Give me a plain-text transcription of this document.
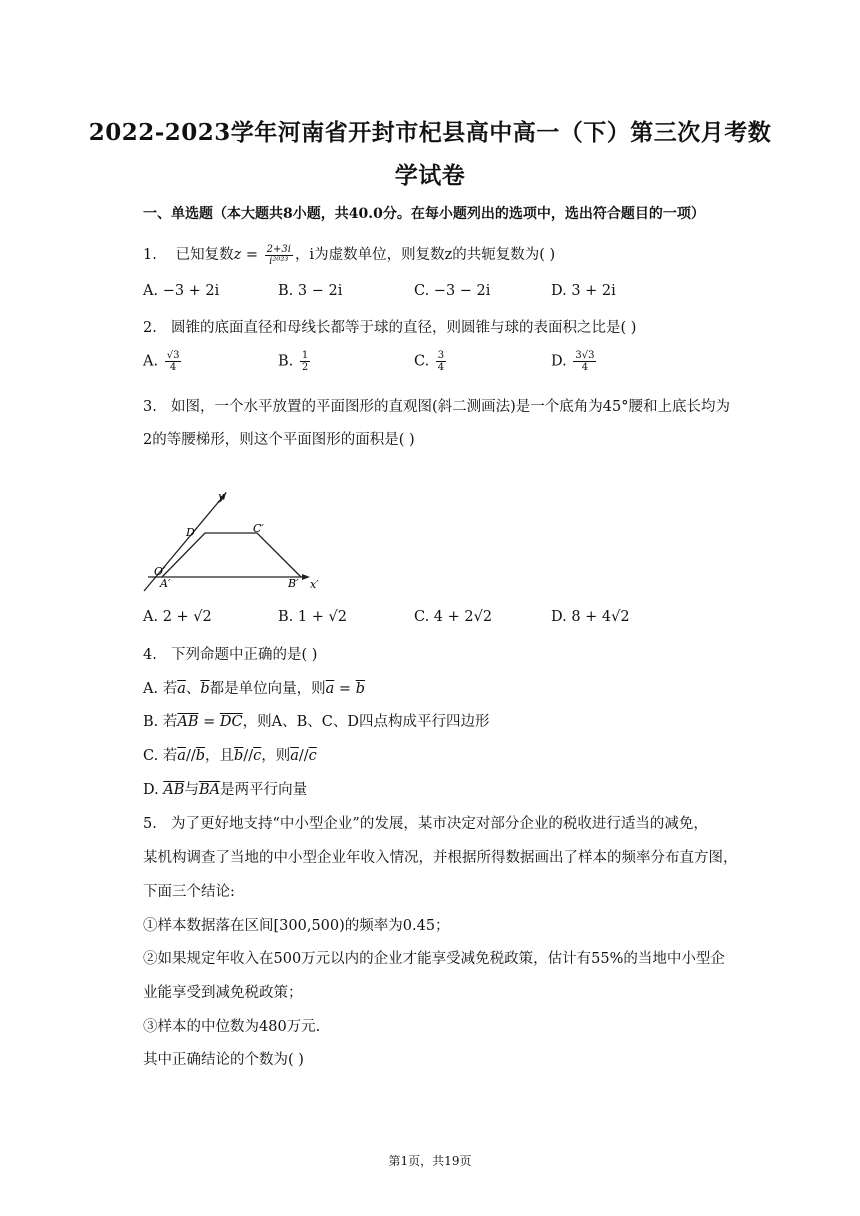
2022-2023学年河南省开封市杞县高中高一（下）第三次月考数
学试卷
一、单选题（本大题共8小题，共40.0分。在每小题列出的选项中，选出符合题目的一项）
1. 已知复数$z = \frac{2+3i}{\text{i²⁰²³}}$ ，i为虚数单位，则复数z的共轭复数为( )
A. −3 + 2i	B. 3 − 2i	C. −3 − 2i	D. 3 + 2i
2. 圆锥的底面直径和母线长都等于球的直径，则圆锥与球的表面积之比是( )
A. $\frac{√3}{4}$	B. $\frac{1}{2}$	C. $\frac{3}{4}$	D. $\frac{3√3}{4}$
3. 如图，一个水平放置的平面图形的直观图(斜二测画法)是一个底角为45°腰和上底长均为
2的等腰梯形，则这个平面图形的面积是( )
y′
D′	C′
O′
A′	B′ x′
A. 2 + √2	B. 1 + √2	C. 4 + 2√2	D. 8 + 4√2
4. 下列命题中正确的是( )
A. 若$\overline{a}$、$\overline{b}$都是单位向量，则$\overline{a} = \overline{b}$
B. 若$\overline{AB} = \overline{DC}$，则A、B、C、D四点构成平行四边形
C. 若$\overline{a}//\overline{b}$，且$\overline{b}//\overline{c}$，则$\overline{a}//\overline{c}$
D. $\overline{AB}$与$\overline{BA}$是两平行向量
5. 为了更好地支持“中小型企业”的发展，某市决定对部分企业的税收进行适当的减免，
某机构调查了当地的中小型企业年收入情况，并根据所得数据画出了样本的频率分布直方图，
下面三个结论:
①样本数据落在区间[300,500)的频率为0.45；
②如果规定年收入在500万元以内的企业才能享受减免税政策，估计有55%的当地中小型企
业能享受到减免税政策；
③样本的中位数为480万元.
其中正确结论的个数为( )
第1页，共19页
